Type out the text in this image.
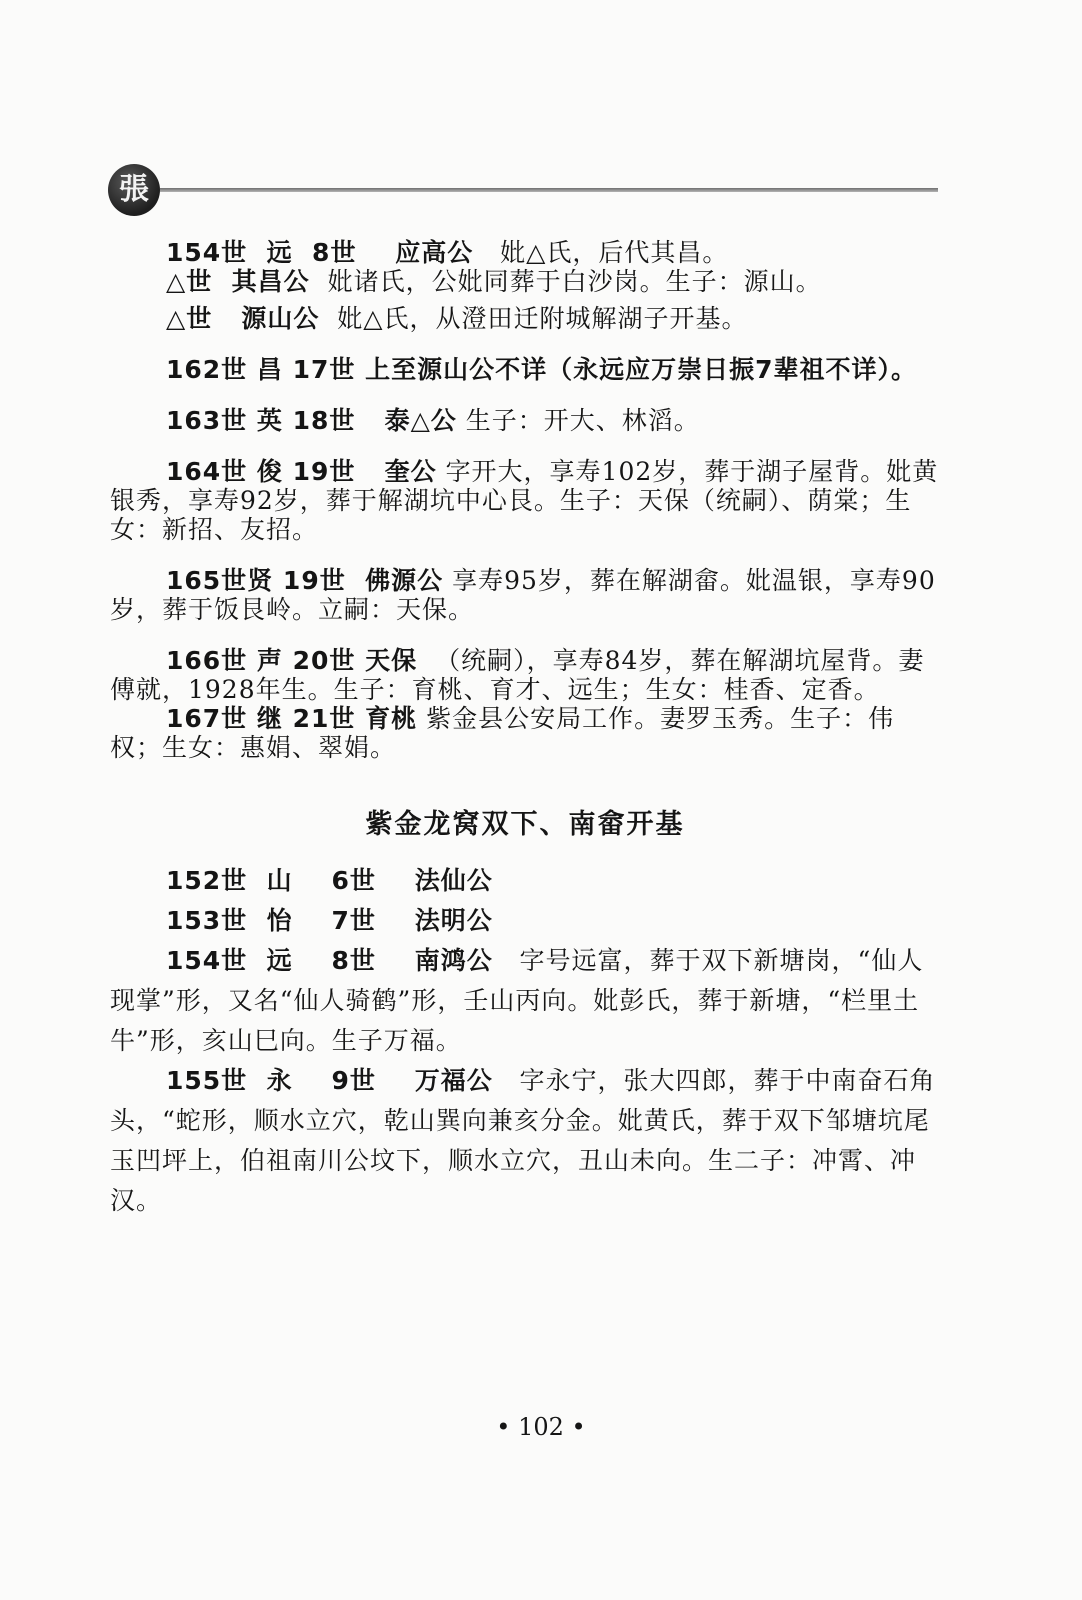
張

154世 远 8世 应高公 妣△氏，后代其昌。

△世 其昌公 妣诸氏，公妣同葬于白沙岗。生子：源山。

△世 源山公 妣△氏，从澄田迁附城解湖子开基。

162世 昌 17世 上至源山公不详（永远应万崇日振7辈祖不详）。

163世 英 18世 泰△公 生子：开大、林滔。

164世 俊 19世 奎公 字开大，享寿102岁，葬于湖子屋背。妣黄银秀，享寿92岁，葬于解湖坑中心艮。生子：天保（统嗣）、荫棠；生女：新招、友招。

165世贤 19世 佛源公 享寿95岁，葬在解湖畲。妣温银，享寿90岁，葬于饭艮岭。立嗣：天保。

166世 声 20世 天保 （统嗣），享寿84岁，葬在解湖坑屋背。妻傅就，1928年生。生子：育桃、育才、远生；生女：桂香、定香。

167世 继 21世 育桃 紫金县公安局工作。妻罗玉秀。生子：伟权；生女：惠娟、翠娟。

紫金龙窝双下、南畲开基

152世 山 6世 法仙公

153世 怡 7世 法明公

154世 远 8世 南鸿公 字号远富，葬于双下新塘岗，“仙人现掌”形，又名“仙人骑鹤”形，壬山丙向。妣彭氏，葬于新塘，“栏里土牛”形，亥山巳向。生子万福。

155世 永 9世 万福公 字永宁，张大四郎，葬于中南奋石角头，“蛇形，顺水立穴，乾山巽向兼亥分金。妣黄氏，葬于双下邹塘坑尾玉凹坪上，伯祖南川公坟下，顺水立穴，丑山未向。生二子：冲霄、冲汉。

• 102 •
